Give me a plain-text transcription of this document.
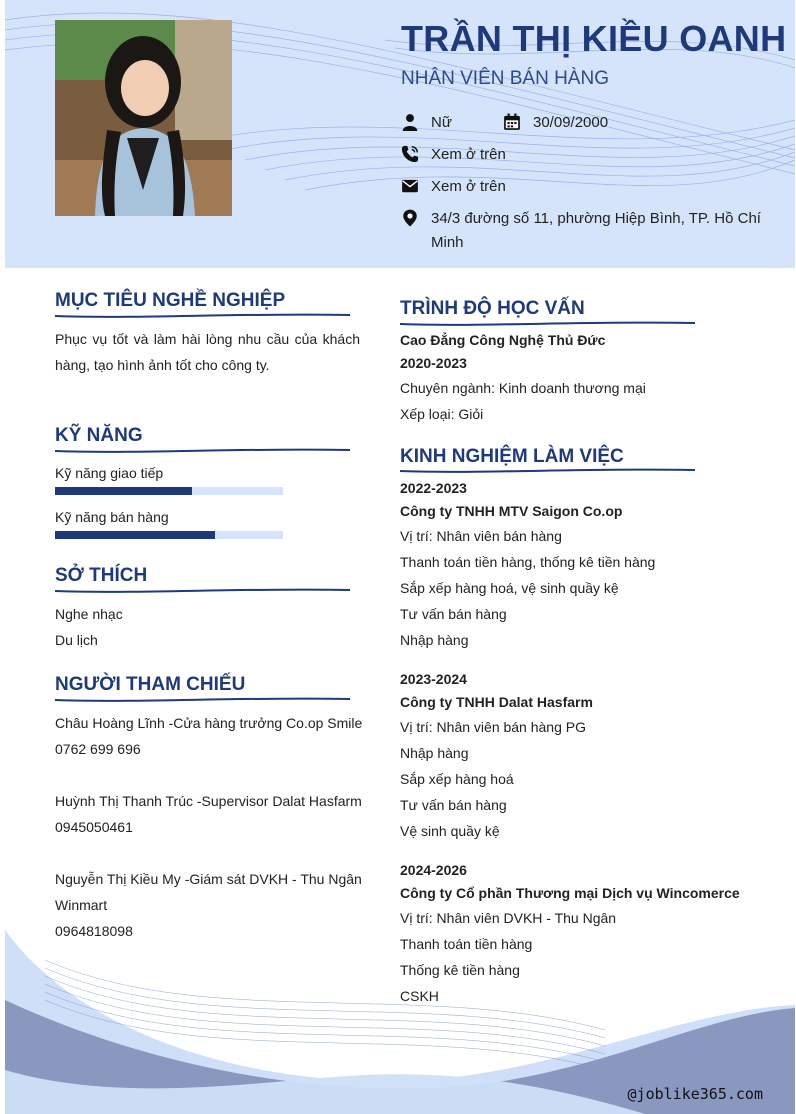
TRẦN THỊ KIỀU OANH
NHÂN VIÊN BÁN HÀNG
Nữ	30/09/2000
Xem ở trên
Xem ở trên
34/3 đường số 11, phường Hiệp Bình, TP. Hồ Chí Minh
MỤC TIÊU NGHỀ NGHIỆP
Phục vụ tốt và làm hài lòng nhu cầu của khách hàng, tạo hình ảnh tốt cho công ty.
KỸ NĂNG
Kỹ năng giao tiếp
Kỹ năng bán hàng
SỞ THÍCH
Nghe nhạc
Du lịch
NGƯỜI THAM CHIẾU
Châu Hoàng Lĩnh -Cửa hàng trưởng Co.op Smile
0762 699 696
Huỳnh Thị Thanh Trúc -Supervisor Dalat Hasfarm
0945050461
Nguyễn Thị Kiều My -Giám sát DVKH - Thu Ngân Winmart
0964818098
TRÌNH ĐỘ HỌC VẤN
Cao Đẳng Công Nghệ Thủ Đức
2020-2023
Chuyên ngành: Kinh doanh thương mại
Xếp loại: Giỏi
KINH NGHIỆM LÀM VIỆC
2022-2023
Công ty TNHH MTV Saigon Co.op
Vị trí: Nhân viên bán hàng
Thanh toán tiền hàng, thống kê tiền hàng
Sắp xếp hàng hoá, vệ sinh quầy kệ
Tư vấn bán hàng
Nhập hàng
2023-2024
Công ty TNHH Dalat Hasfarm
Vị trí: Nhân viên bán hàng PG
Nhập hàng
Sắp xếp hàng hoá
Tư vấn bán hàng
Vệ sinh quầy kệ
2024-2026
Công ty Cổ phần Thương mại Dịch vụ Wincomerce
Vị trí: Nhân viên DVKH - Thu Ngân
Thanh toán tiền hàng
Thống kê tiền hàng
CSKH
@joblike365.com
